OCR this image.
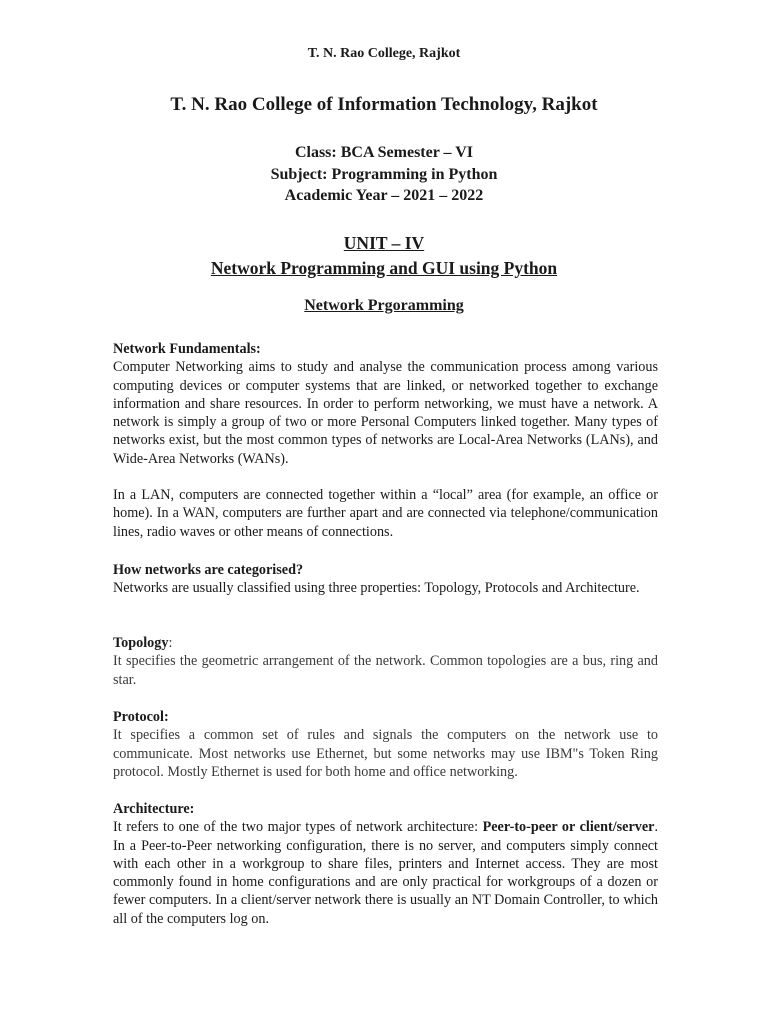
T. N. Rao College, Rajkot
T. N. Rao College of Information Technology, Rajkot
Class: BCA Semester – VI
Subject: Programming in Python
Academic Year – 2021 – 2022
UNIT – IV
Network Programming and GUI using Python
Network Prgoramming
Network Fundamentals:

Computer Networking aims to study and analyse the communication process among various computing devices or computer systems that are linked, or networked together to exchange information and share resources. In order to perform networking, we must have a network. A network is simply a group of two or more Personal Computers linked together. Many types of networks exist, but the most common types of networks are Local-Area Networks (LANs), and Wide-Area Networks (WANs).

In a LAN, computers are connected together within a “local” area (for example, an office or home). In a WAN, computers are further apart and are connected via telephone/communication lines, radio waves or other means of connections.

How networks are categorised?

Networks are usually classified using three properties: Topology, Protocols and Architecture.

Topology:

It specifies the geometric arrangement of the network. Common topologies are a bus, ring and star.

Protocol:

It specifies a common set of rules and signals the computers on the network use to communicate. Most networks use Ethernet, but some networks may use IBM"s Token Ring protocol. Mostly Ethernet is used for both home and office networking.

Architecture:

It refers to one of the two major types of network architecture: Peer-to-peer or client/server. In a Peer-to-Peer networking configuration, there is no server, and computers simply connect with each other in a workgroup to share files, printers and Internet access. They are most commonly found in home configurations and are only practical for workgroups of a dozen or fewer computers. In a client/server network there is usually an NT Domain Controller, to which all of the computers log on.
